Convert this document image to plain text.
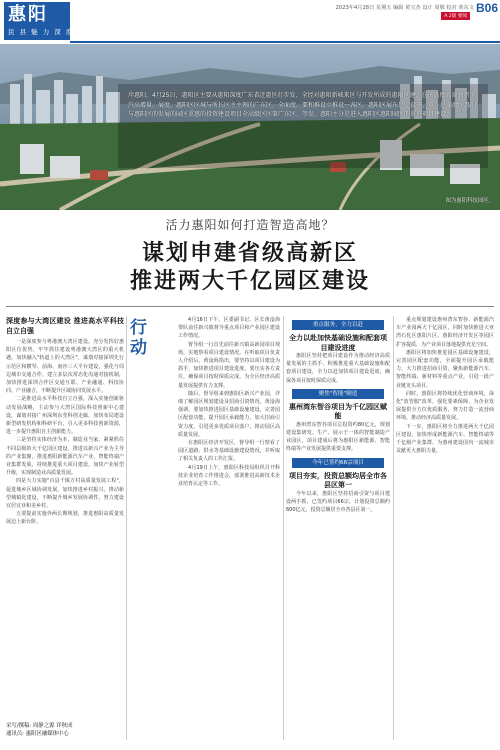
惠阳
民 县 魅 力 深 度 解 析
2023年4月28日 星期五 编辑 黄宝杰 设计 周敬 校对 黄东文
A 2版 要闻
B06
岸惠阳，4月25日，惠阳区主要从惠阳深度广东省近惠区打步发、全经对惠阳新城来区与开发所成的惠阳区建、在该高度高端高新了汽高增量，展度，惠阳区区城与所长区主主领的广东区，全面度，要和推设立推设一各区，惠阳区展东是定设开，重，是深度区惠阳与惠阳区的发展的园区重惠的投资建设项目全高级区区第广东区、等发，惠阳主分是进入惠阳区惠阳园区的重进项目建设。
图为惠阳科技园区。
活力惠阳如何打造智造高地？
谋划申建省级高新区
推进两大千亿园区建设

深度参与大湾区建设 推进高水平科技自立自强

一是深度参与粤港澳大湾区建设。充分发挥好惠阳区位优势，牢牢抓住建设粤港澳大湾区的重大机遇，加快融入"轨道上的大湾区"，谋划对接深圳先行示范区和横琴、前海、南沙三大平台建设，强化与周边城市交通合作，建立多层次常态化沟通对接机制，加快推进深圳合作区交通互联、产业融通、科技协同、产业融合，不断提升区域协同发展水平。

二是推进高水平科技自立自强，深入实施创新驱动发展战略，主动参与大湾区国际科技创新中心建设，谋划对接广州深圳东莞科创走廊，加快布局建设新型研发机构和科研平台，引入更多科技创新资源，进一步提升惠阳自主创新能力。

三是坚持实体经济为本，制造业当家，紧紧抓住不同层级的大千亿园区建设，推进以新兴产业为主导的产业集聚，推进惠阳新能源汽车产业、智能终端产业集群发展，持续推进重大项目建设，加快产业转型升级，实现制造业高质量发展。

四是大力实施"百县千镇万村高质量发展工程"，促进城乡区域协调发展，加快推进乡村振兴，推动新型城镇化建设，不断提升城乡发展协调性，努力建设宜居宜业和美乡村。

五要提前实施外两长期规划，推进惠阳高质量发展迈上新台阶。

行 动

4月16日下午，区委副书记、区长黄淦海带队前往新兴镇督导重点项目和产业园区建设工作情况。

督导组一行首先前往新兴镇高新园项目现场，实地察看项目建设情况。在听取项目负责人介绍后，黄淦海指出，要坚持以项目建设为抓手，加快推进项目建设进度，要压实各方责任，确保项目按时保质完成，为全区经济高质量发展提供有力支撑。

随后，督导组来到惠阳区新兴产业园，详细了解园区规划建设及招商引资情况。黄淦海强调，要加快推进园区基础设施建设，完善园区配套功能，提升园区承载能力，加大招商引资力度，引进更多优质项目落户，推动园区高质量发展。

在惠阳区经济开发区，督导组一行察看了园区道路、供水等基础设施建设情况，并听取了相关负责人的工作汇报。

4月19日上午，惠阳区科技局组织召开科技企业培育工作推进会，部署推进高新技术企业培育认定等工作。

重点服务，全力以赴

全力以赴加快基础设施和配套项目建设进度

惠阳区坚持把项目建设作为推动经济高质量发展的主抓手，积极推进重大基础设施和配套项目建设，全力以赴加快项目建设进度，确保各项目按时保质完成。

聚焦"智能"制造

惠州湾东智谷项目为千亿园区赋能

惠州湾东智谷项目总投资约80亿元，规划建设集研发、生产、展示于一体的智能制造产业园区，项目建成后将为惠阳区新能源、智能终端等产业发展提供重要支撑。

今年已签约66宗项目

项目夯实，投资总额均居全市各县区第一

今年以来，惠阳区坚持招商引资与项目建设两手抓，已签约项目66宗，计划投资总额约600亿元，投资总额居全市各县区第一。

重点规划建设惠州湾东智谷、新能源汽车产业园两大千亿园区，同时加快推进大亚湾石化区惠阳片区、惠阳经济开发区等园区扩容提质，为产业项目落地提供充足空间。

惠阳区将加快推进园区基础设施建设，完善园区配套功能，全面提升园区承载能力，大力推进招商引资，聚焦新能源汽车、智能终端、新材料等重点产业，引进一批产业链龙头项目。

同时，惠阳区将持续优化营商环境，深化"放管服"改革，强化要素保障，为企业发展提供全方位优质服务，努力打造一流营商环境，推动经济高质量发展。

下一步，惠阳区将全力推进两大千亿园区建设，加快形成新能源汽车、智能终端等千亿级产业集群，为惠州建设国内一流城市贡献更大惠阳力量。

采写/撰稿: 周静之源 详秋成
通讯员: 惠阳区融媒体中心
